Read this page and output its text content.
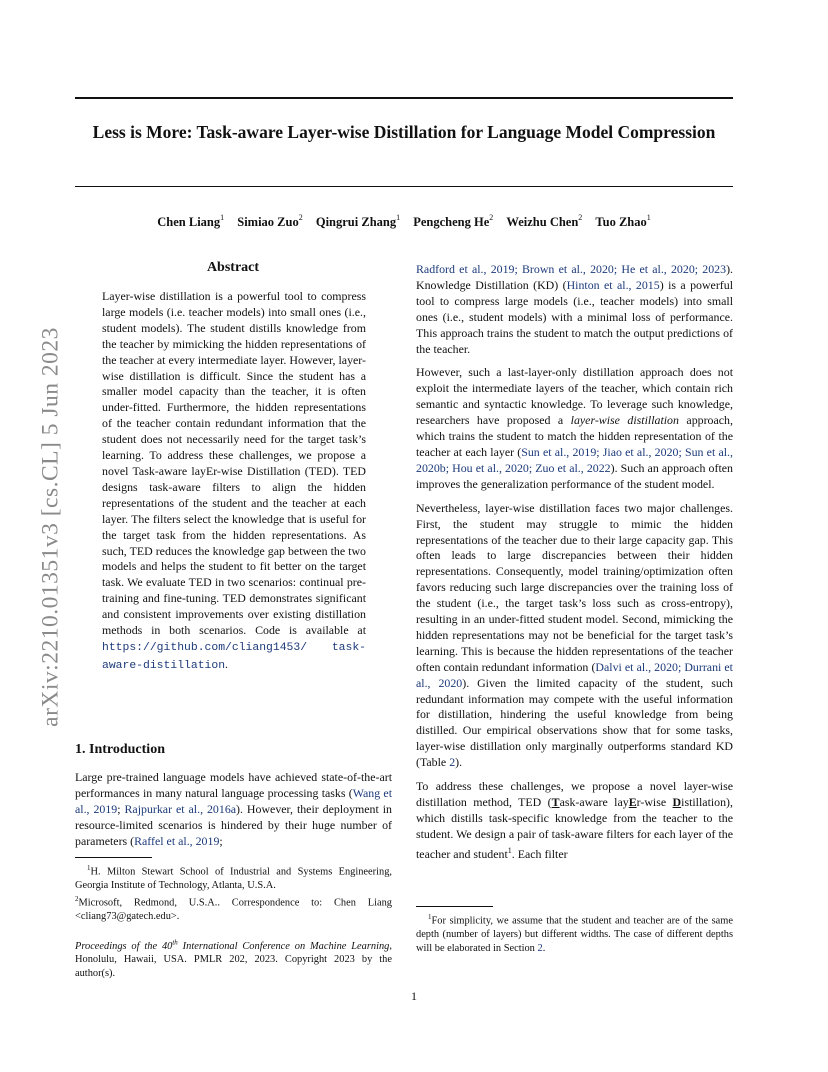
Less is More: Task-aware Layer-wise Distillation for Language Model Compression
Chen Liang$^1$ Simiao Zuo$^2$ Qingrui Zhang$^1$ Pengcheng He$^2$ Weizhu Chen$^2$ Tuo Zhao$^1$
arXiv:2210.01351v3 [cs.CL] 5 Jun 2023
Abstract

Layer-wise distillation is a powerful tool to compress large models (i.e. teacher models) into small ones (i.e., student models). The student distills knowledge from the teacher by mimicking the hidden representations of the teacher at every intermediate layer. However, layer-wise distillation is difficult. Since the student has a smaller model capacity than the teacher, it is often under-fitted. Furthermore, the hidden representations of the teacher contain redundant information that the student does not necessarily need for the target task’s learning. To address these challenges, we propose a novel Task-aware layEr-wise Distillation (TED). TED designs task-aware filters to align the hidden representations of the student and the teacher at each layer. The filters select the knowledge that is useful for the target task from the hidden representations. As such, TED reduces the knowledge gap between the two models and helps the student to fit better on the target task. We evaluate TED in two scenarios: continual pre-training and fine-tuning. TED demonstrates significant and consistent improvements over existing distillation methods in both scenarios. Code is available at https://github.com/cliang1453/ task-aware-distillation.

1. Introduction

Large pre-trained language models have achieved state-of-the-art performances in many natural language processing tasks (Wang et al., 2019; Rajpurkar et al., 2016a). However, their deployment in resource-limited scenarios is hindered by their huge number of parameters (Raffel et al., 2019;

$^1$H. Milton Stewart School of Industrial and Systems Engineering, Georgia Institute of Technology, Atlanta, U.S.A.

$^2$Microsoft, Redmond, U.S.A.. Correspondence to: Chen Liang <cliang73@gatech.edu>.

Proceedings of the 40th International Conference on Machine Learning, Honolulu, Hawaii, USA. PMLR 202, 2023. Copyright 2023 by the author(s).

Radford et al., 2019; Brown et al., 2020; He et al., 2020; 2023). Knowledge Distillation (KD) (Hinton et al., 2015) is a powerful tool to compress large models (i.e., teacher models) into small ones (i.e., student models) with a minimal loss of performance. This approach trains the student to match the output predictions of the teacher.

However, such a last-layer-only distillation approach does not exploit the intermediate layers of the teacher, which contain rich semantic and syntactic knowledge. To leverage such knowledge, researchers have proposed a layer-wise distillation approach, which trains the student to match the hidden representation of the teacher at each layer (Sun et al., 2019; Jiao et al., 2020; Sun et al., 2020b; Hou et al., 2020; Zuo et al., 2022). Such an approach often improves the generalization performance of the student model.

Nevertheless, layer-wise distillation faces two major challenges. First, the student may struggle to mimic the hidden representations of the teacher due to their large capacity gap. This often leads to large discrepancies between their hidden representations. Consequently, model training/optimization often favors reducing such large discrepancies over the training loss of the student (i.e., the target task’s loss such as cross-entropy), resulting in an under-fitted student model. Second, mimicking the hidden representations may not be beneficial for the target task’s learning. This is because the hidden representations of the teacher often contain redundant information (Dalvi et al., 2020; Durrani et al., 2020). Given the limited capacity of the student, such redundant information may compete with the useful information for distillation, hindering the useful knowledge from being distilled. Our empirical observations show that for some tasks, layer-wise distillation only marginally outperforms standard KD (Table 2).

To address these challenges, we propose a novel layer-wise distillation method, TED (Task-aware layEr-wise Distillation), which distills task-specific knowledge from the teacher to the student. We design a pair of task-aware filters for each layer of the teacher and student$^1$. Each filter

$^1$For simplicity, we assume that the student and teacher are of the same depth (number of layers) but different widths. The case of different depths will be elaborated in Section 2.

1
